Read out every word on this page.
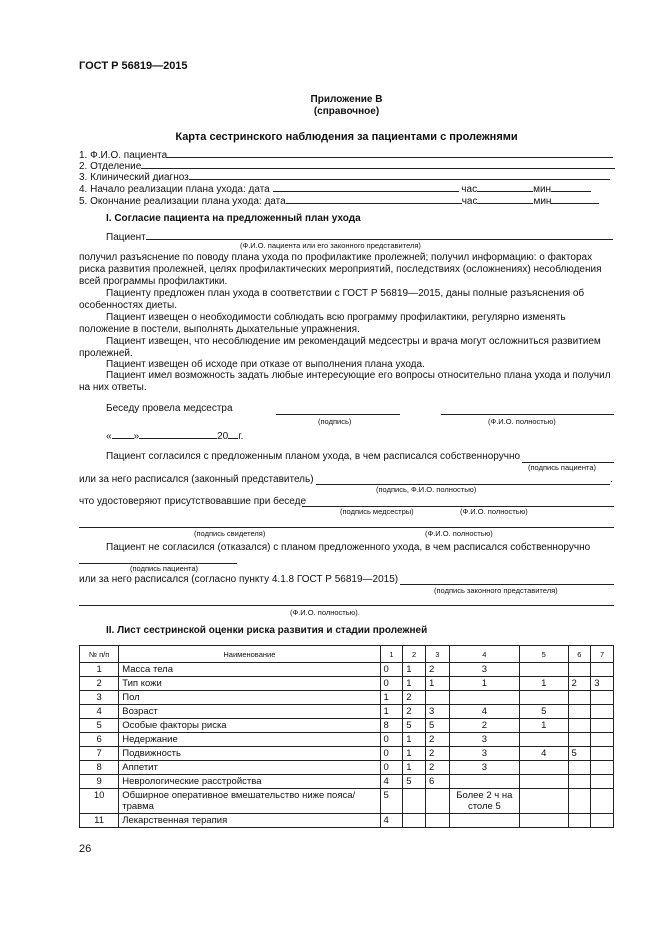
ГОСТ Р 56819—2015
Приложение В
(справочное)
Карта сестринского наблюдения за пациентами с пролежнями
1. Ф.И.О. пациента
2. Отделение
3. Клинический диагноз
4. Начало реализации плана ухода: дата	час	мин
5. Окончание реализации плана ухода: дата	час	мин
I. Согласие пациента на предложенный план ухода
Пациент
(Ф.И.О. пациента или его законного представителя)
получил разъяснение по поводу плана ухода по профилактике пролежней; получил информацию: о факторах риска развития пролежней, целях профилактических мероприятий, последствиях (осложнениях) несоблюдения всей программы профилактики.
Пациенту предложен план ухода в соответствии с ГОСТ Р 56819—2015, даны полные разъяснения об особенностях диеты.
Пациент извещен о необходимости соблюдать всю программу профилактики, регулярно изменять положение в постели, выполнять дыхательные упражнения.
Пациент извещен, что несоблюдение им рекомендаций медсестры и врача могут осложниться развитием пролежней.
Пациент извещен об исходе при отказе от выполнения плана ухода.
Пациент имел возможность задать любые интересующие его вопросы относительно плана ухода и получил на них ответы.
Беседу провела медсестра
(подпись)	(Ф.И.О. полностью)
« »	20 г.
Пациент согласился с предложенным планом ухода, в чем расписался собственноручно
(подпись пациента)
или за него расписался (законный представитель)	.
(подпись, Ф.И.О. полностью)
что удостоверяют присутствовавшие при беседе
(подпись медсестры)	(Ф.И.О. полностью)
(подпись свидетеля)	(Ф.И.О. полностью)
Пациент не согласился (отказался) с планом предложенного ухода, в чем расписался собственноручно
(подпись пациента)
или за него расписался (согласно пункту 4.1.8 ГОСТ Р 56819—2015)
(подпись законного представителя)
(Ф.И.О. полностью).
II. Лист сестринской оценки риска развития и стадии пролежней
№ п/п	Наименование	1	2	3	4	5	6	7
1	Масса тела	0	1	2	3			
2	Тип кожи	0	1	1	1	1	2	3
3	Пол	1	2					
4	Возраст	1	2	3	4	5		
5	Особые факторы риска	8	5	5	2	1		
6	Недержание	0	1	2	3			
7	Подвижность	0	1	2	3	4	5	
8	Аппетит	0	1	2	3			
9	Неврологические расстройства	4	5	6				
10	Обширное оперативное вмешательство ниже пояса/травма	5			Более 2 ч на столе 5			
11	Лекарственная терапия	4						
26
